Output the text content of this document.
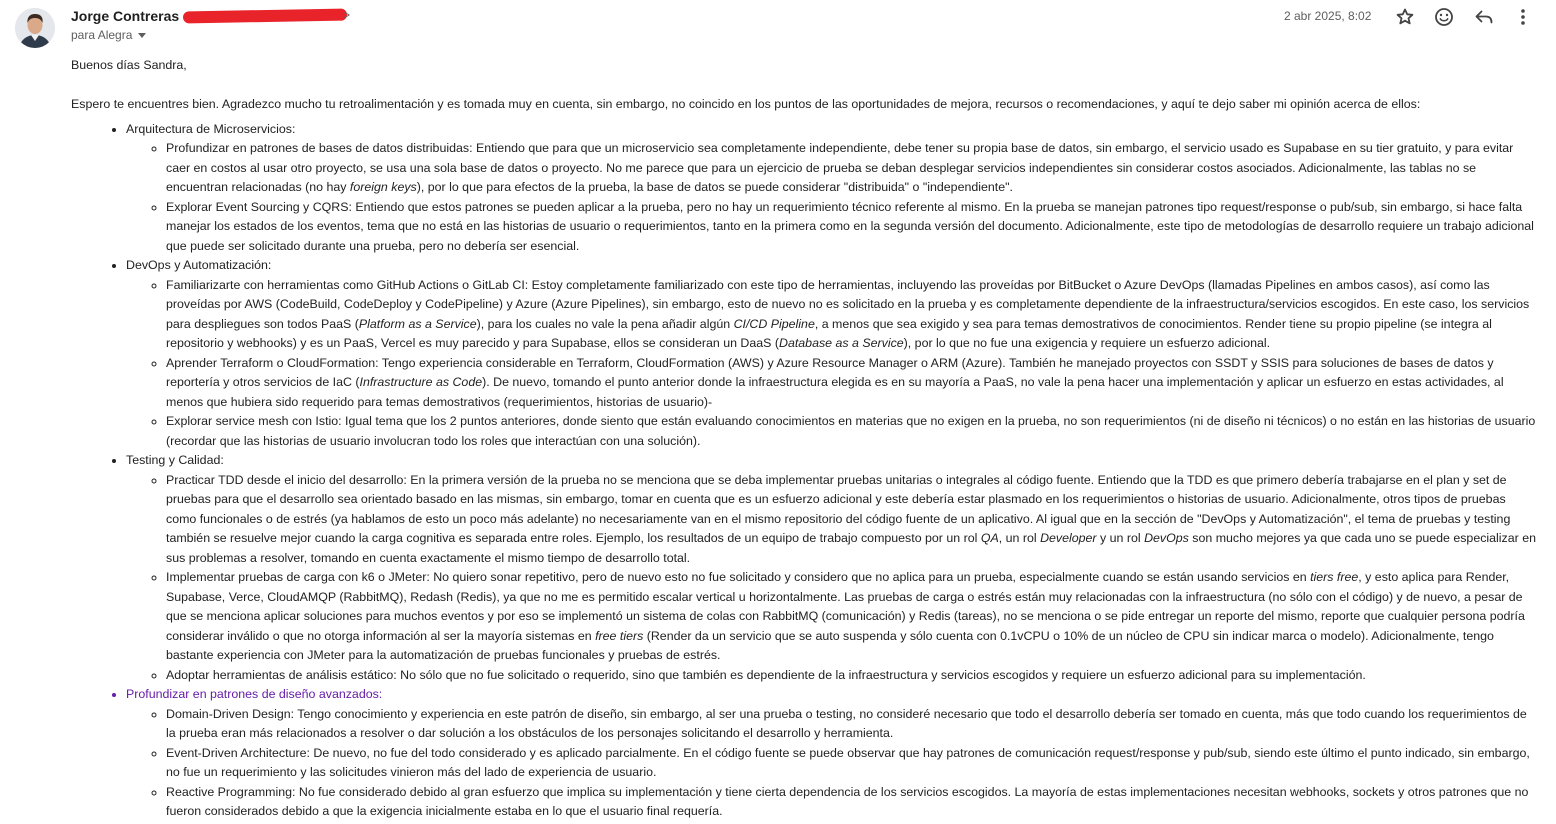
Jorge Contreras	>
para Alegra
2 abr 2025, 8:02

Buenos días Sandra,

Espero te encuentres bien. Agradezco mucho tu retroalimentación y es tomada muy en cuenta, sin embargo, no coincido en los puntos de las oportunidades de mejora, recursos o recomendaciones, y aquí te dejo saber mi opinión acerca de ellos:

• Arquitectura de Microservicios:
◦ Profundizar en patrones de bases de datos distribuidas: Entiendo que para que un microservicio sea completamente independiente, debe tener su propia base de datos, sin embargo, el servicio usado es Supabase en su tier gratuito, y para evitar caer en costos al usar otro proyecto, se usa una sola base de datos o proyecto. No me parece que para un ejercicio de prueba se deban desplegar servicios independientes sin considerar costos asociados. Adicionalmente, las tablas no se encuentran relacionadas (no hay foreign keys), por lo que para efectos de la prueba, la base de datos se puede considerar "distribuida" o "independiente".
◦ Explorar Event Sourcing y CQRS: Entiendo que estos patrones se pueden aplicar a la prueba, pero no hay un requerimiento técnico referente al mismo. En la prueba se manejan patrones tipo request/response o pub/sub, sin embargo, si hace falta manejar los estados de los eventos, tema que no está en las historias de usuario o requerimientos, tanto en la primera como en la segunda versión del documento. Adicionalmente, este tipo de metodologías de desarrollo requiere un trabajo adicional que puede ser solicitado durante una prueba, pero no debería ser esencial.
• DevOps y Automatización:
◦ Familiarizarte con herramientas como GitHub Actions o GitLab CI: Estoy completamente familiarizado con este tipo de herramientas, incluyendo las proveídas por BitBucket o Azure DevOps (llamadas Pipelines en ambos casos), así como las proveídas por AWS (CodeBuild, CodeDeploy y CodePipeline) y Azure (Azure Pipelines), sin embargo, esto de nuevo no es solicitado en la prueba y es completamente dependiente de la infraestructura/servicios escogidos. En este caso, los servicios para despliegues son todos PaaS (Platform as a Service), para los cuales no vale la pena añadir algún CI/CD Pipeline, a menos que sea exigido y sea para temas demostrativos de conocimientos. Render tiene su propio pipeline (se integra al repositorio y webhooks) y es un PaaS, Vercel es muy parecido y para Supabase, ellos se consideran un DaaS (Database as a Service), por lo que no fue una exigencia y requiere un esfuerzo adicional.
◦ Aprender Terraform o CloudFormation: Tengo experiencia considerable en Terraform, CloudFormation (AWS) y Azure Resource Manager o ARM (Azure). También he manejado proyectos con SSDT y SSIS para soluciones de bases de datos y reportería y otros servicios de IaC (Infrastructure as Code). De nuevo, tomando el punto anterior donde la infraestructura elegida es en su mayoría a PaaS, no vale la pena hacer una implementación y aplicar un esfuerzo en estas actividades, al menos que hubiera sido requerido para temas demostrativos (requerimientos, historias de usuario)-
◦ Explorar service mesh con Istio: Igual tema que los 2 puntos anteriores, donde siento que están evaluando conocimientos en materias que no exigen en la prueba, no son requerimientos (ni de diseño ni técnicos) o no están en las historias de usuario (recordar que las historias de usuario involucran todo los roles que interactúan con una solución).
• Testing y Calidad:
◦ Practicar TDD desde el inicio del desarrollo: En la primera versión de la prueba no se menciona que se deba implementar pruebas unitarias o integrales al código fuente. Entiendo que la TDD es que primero debería trabajarse en el plan y set de pruebas para que el desarrollo sea orientado basado en las mismas, sin embargo, tomar en cuenta que es un esfuerzo adicional y este debería estar plasmado en los requerimientos o historias de usuario. Adicionalmente, otros tipos de pruebas como funcionales o de estrés (ya hablamos de esto un poco más adelante) no necesariamente van en el mismo repositorio del código fuente de un aplicativo. Al igual que en la sección de "DevOps y Automatización", el tema de pruebas y testing también se resuelve mejor cuando la carga cognitiva es separada entre roles. Ejemplo, los resultados de un equipo de trabajo compuesto por un rol QA, un rol Developer y un rol DevOps son mucho mejores ya que cada uno se puede especializar en sus problemas a resolver, tomando en cuenta exactamente el mismo tiempo de desarrollo total.
◦ Implementar pruebas de carga con k6 o JMeter: No quiero sonar repetitivo, pero de nuevo esto no fue solicitado y considero que no aplica para un prueba, especialmente cuando se están usando servicios en tiers free, y esto aplica para Render, Supabase, Verce, CloudAMQP (RabbitMQ), Redash (Redis), ya que no me es permitido escalar vertical u horizontalmente. Las pruebas de carga o estrés están muy relacionadas con la infraestructura (no sólo con el código) y de nuevo, a pesar de que se menciona aplicar soluciones para muchos eventos y por eso se implementó un sistema de colas con RabbitMQ (comunicación) y Redis (tareas), no se menciona o se pide entregar un reporte del mismo, reporte que cualquier persona podría considerar inválido o que no otorga información al ser la mayoría sistemas en free tiers (Render da un servicio que se auto suspenda y sólo cuenta con 0.1vCPU o 10% de un núcleo de CPU sin indicar marca o modelo). Adicionalmente, tengo bastante experiencia con JMeter para la automatización de pruebas funcionales y pruebas de estrés.
◦ Adoptar herramientas de análisis estático: No sólo que no fue solicitado o requerido, sino que también es dependiente de la infraestructura y servicios escogidos y requiere un esfuerzo adicional para su implementación.
• Profundizar en patrones de diseño avanzados:
◦ Domain-Driven Design: Tengo conocimiento y experiencia en este patrón de diseño, sin embargo, al ser una prueba o testing, no consideré necesario que todo el desarrollo debería ser tomado en cuenta, más que todo cuando los requerimientos de la prueba eran más relacionados a resolver o dar solución a los obstáculos de los personajes solicitando el desarrollo y herramienta.
◦ Event-Driven Architecture: De nuevo, no fue del todo considerado y es aplicado parcialmente. En el código fuente se puede observar que hay patrones de comunicación request/response y pub/sub, siendo este último el punto indicado, sin embargo, no fue un requerimiento y las solicitudes vinieron más del lado de experiencia de usuario.
◦ Reactive Programming: No fue considerado debido al gran esfuerzo que implica su implementación y tiene cierta dependencia de los servicios escogidos. La mayoría de estas implementaciones necesitan webhooks, sockets y otros patrones que no fueron considerados debido a que la exigencia inicialmente estaba en lo que el usuario final requería.
